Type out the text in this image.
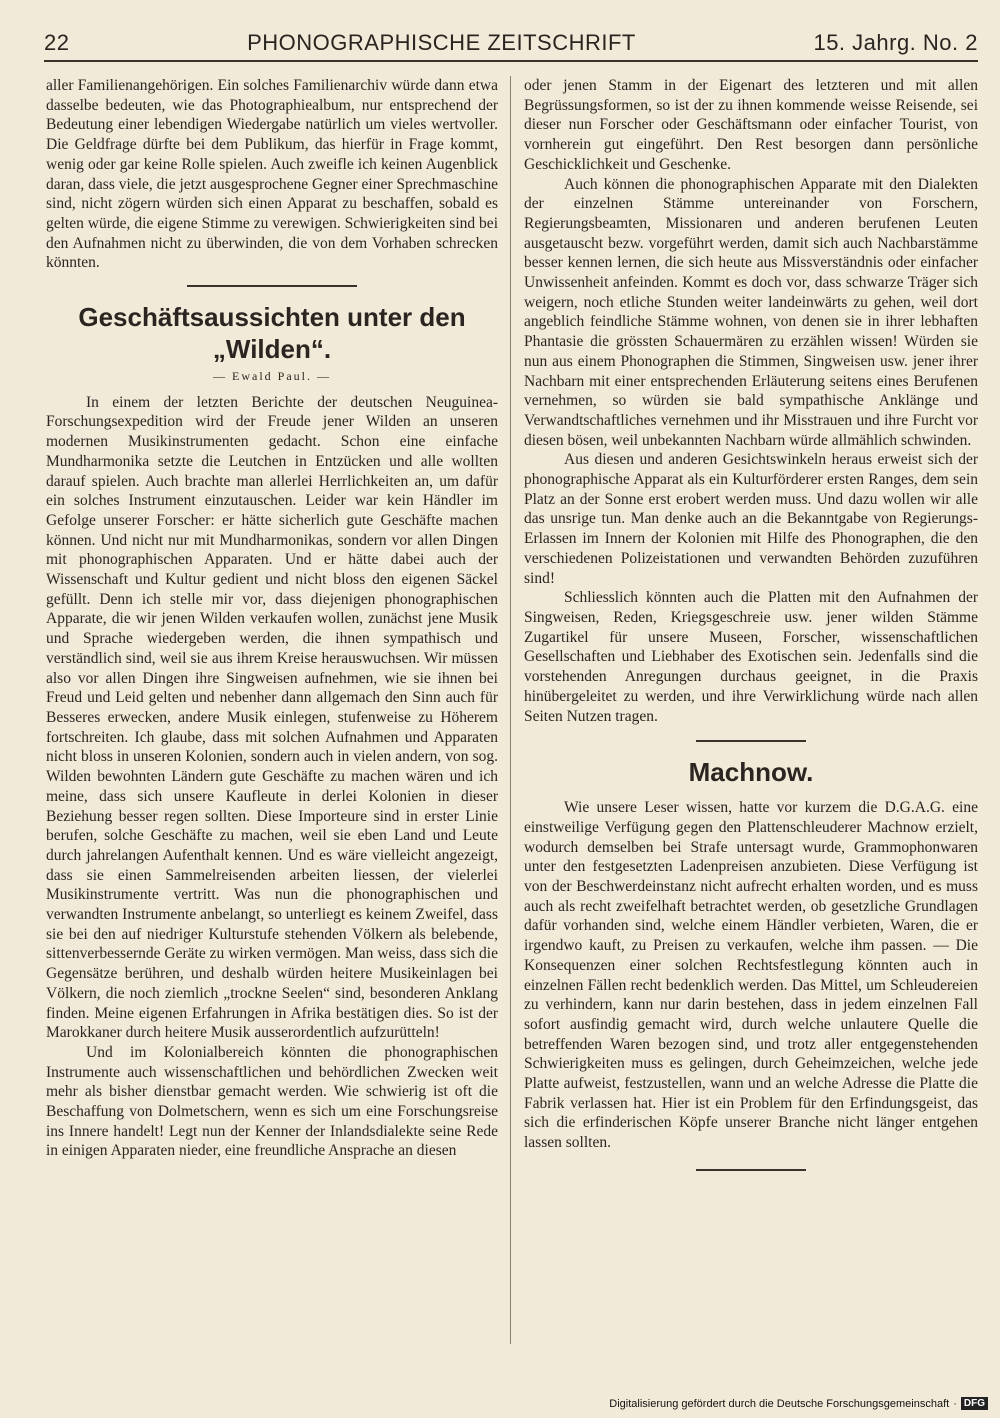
22	PHONOGRAPHISCHE ZEITSCHRIFT	15. Jahrg. No. 2

aller Familienangehörigen. Ein solches Familienarchiv würde dann etwa dasselbe bedeuten, wie das Photographiealbum, nur entsprechend der Bedeutung einer lebendigen Wiedergabe natürlich um vieles wertvoller. Die Geldfrage dürfte bei dem Publikum, das hierfür in Frage kommt, wenig oder gar keine Rolle spielen. Auch zweifle ich keinen Augenblick daran, dass viele, die jetzt ausgesprochene Gegner einer Sprechmaschine sind, nicht zögern würden sich einen Apparat zu beschaffen, sobald es gelten würde, die eigene Stimme zu verewigen. Schwierigkeiten sind bei den Aufnahmen nicht zu überwinden, die von dem Vorhaben schrecken könnten.

Geschäftsaussichten unter den

„Wilden“.

— Ewald Paul. —

In einem der letzten Berichte der deutschen Neuguinea-Forschungsexpedition wird der Freude jener Wilden an unseren modernen Musikinstrumenten gedacht. Schon eine einfache Mundharmonika setzte die Leutchen in Entzücken und alle wollten darauf spielen. Auch brachte man allerlei Herrlichkeiten an, um dafür ein solches Instrument einzutauschen. Leider war kein Händler im Gefolge unserer Forscher: er hätte sicherlich gute Geschäfte machen können. Und nicht nur mit Mundharmonikas, sondern vor allen Dingen mit phonographischen Apparaten. Und er hätte dabei auch der Wissenschaft und Kultur gedient und nicht bloss den eigenen Säckel gefüllt. Denn ich stelle mir vor, dass diejenigen phonographischen Apparate, die wir jenen Wilden verkaufen wollen, zunächst jene Musik und Sprache wiedergeben werden, die ihnen sympathisch und verständlich sind, weil sie aus ihrem Kreise herauswuchsen. Wir müssen also vor allen Dingen ihre Singweisen aufnehmen, wie sie ihnen bei Freud und Leid gelten und nebenher dann allgemach den Sinn auch für Besseres erwecken, andere Musik einlegen, stufenweise zu Höherem fortschreiten. Ich glaube, dass mit solchen Aufnahmen und Apparaten nicht bloss in unseren Kolonien, sondern auch in vielen andern, von sog. Wilden bewohnten Ländern gute Geschäfte zu machen wären und ich meine, dass sich unsere Kaufleute in derlei Kolonien in dieser Beziehung besser regen sollten. Diese Importeure sind in erster Linie berufen, solche Geschäfte zu machen, weil sie eben Land und Leute durch jahrelangen Aufenthalt kennen. Und es wäre vielleicht angezeigt, dass sie einen Sammelreisenden arbeiten liessen, der vielerlei Musikinstrumente vertritt. Was nun die phonographischen und verwandten Instrumente anbelangt, so unterliegt es keinem Zweifel, dass sie bei den auf niedriger Kulturstufe stehenden Völkern als belebende, sittenverbessernde Geräte zu wirken vermögen. Man weiss, dass sich die Gegensätze berühren, und deshalb würden heitere Musikeinlagen bei Völkern, die noch ziemlich „trockne Seelen“ sind, besonderen Anklang finden. Meine eigenen Erfahrungen in Afrika bestätigen dies. So ist der Marokkaner durch heitere Musik ausserordentlich aufzurütteln!

Und im Kolonialbereich könnten die phonographischen Instrumente auch wissenschaftlichen und behördlichen Zwecken weit mehr als bisher dienstbar gemacht werden. Wie schwierig ist oft die Beschaffung von Dolmetschern, wenn es sich um eine Forschungsreise ins Innere handelt! Legt nun der Kenner der Inlandsdialekte seine Rede in einigen Apparaten nieder, eine freundliche Ansprache an diesen

oder jenen Stamm in der Eigenart des letzteren und mit allen Begrüssungsformen, so ist der zu ihnen kommende weisse Reisende, sei dieser nun Forscher oder Geschäftsmann oder einfacher Tourist, von vornherein gut eingeführt. Den Rest besorgen dann persönliche Geschicklichkeit und Geschenke.

Auch können die phonographischen Apparate mit den Dialekten der einzelnen Stämme untereinander von Forschern, Regierungsbeamten, Missionaren und anderen berufenen Leuten ausgetauscht bezw. vorgeführt werden, damit sich auch Nachbarstämme besser kennen lernen, die sich heute aus Missverständnis oder einfacher Unwissenheit anfeinden. Kommt es doch vor, dass schwarze Träger sich weigern, noch etliche Stunden weiter landeinwärts zu gehen, weil dort angeblich feindliche Stämme wohnen, von denen sie in ihrer lebhaften Phantasie die grössten Schauermären zu erzählen wissen! Würden sie nun aus einem Phonographen die Stimmen, Singweisen usw. jener ihrer Nachbarn mit einer entsprechenden Erläuterung seitens eines Berufenen vernehmen, so würden sie bald sympathische Anklänge und Verwandtschaftliches vernehmen und ihr Misstrauen und ihre Furcht vor diesen bösen, weil unbekannten Nachbarn würde allmählich schwinden.

Aus diesen und anderen Gesichtswinkeln heraus erweist sich der phonographische Apparat als ein Kulturförderer ersten Ranges, dem sein Platz an der Sonne erst erobert werden muss. Und dazu wollen wir alle das unsrige tun. Man denke auch an die Bekanntgabe von Regierungs-Erlassen im Innern der Kolonien mit Hilfe des Phonographen, die den verschiedenen Polizeistationen und verwandten Behörden zuzuführen sind!

Schliesslich könnten auch die Platten mit den Aufnahmen der Singweisen, Reden, Kriegsgeschreie usw. jener wilden Stämme Zugartikel für unsere Museen, Forscher, wissenschaftlichen Gesellschaften und Liebhaber des Exotischen sein. Jedenfalls sind die vorstehenden Anregungen durchaus geeignet, in die Praxis hinübergeleitet zu werden, und ihre Verwirklichung würde nach allen Seiten Nutzen tragen.

Machnow.

Wie unsere Leser wissen, hatte vor kurzem die D.G.A.G. eine einstweilige Verfügung gegen den Plattenschleuderer Machnow erzielt, wodurch demselben bei Strafe untersagt wurde, Grammophonwaren unter den festgesetzten Ladenpreisen anzubieten. Diese Verfügung ist von der Beschwerdeinstanz nicht aufrecht erhalten worden, und es muss auch als recht zweifelhaft betrachtet werden, ob gesetzliche Grundlagen dafür vorhanden sind, welche einem Händler verbieten, Waren, die er irgendwo kauft, zu Preisen zu verkaufen, welche ihm passen. — Die Konsequenzen einer solchen Rechtsfestlegung könnten auch in einzelnen Fällen recht bedenklich werden. Das Mittel, um Schleudereien zu verhindern, kann nur darin bestehen, dass in jedem einzelnen Fall sofort ausfindig gemacht wird, durch welche unlautere Quelle die betreffenden Waren bezogen sind, und trotz aller entgegenstehenden Schwierigkeiten muss es gelingen, durch Geheimzeichen, welche jede Platte aufweist, festzustellen, wann und an welche Adresse die Platte die Fabrik verlassen hat. Hier ist ein Problem für den Erfindungsgeist, das sich die erfinderischen Köpfe unserer Branche nicht länger entgehen lassen sollten.

Digitalisierung gefördert durch die Deutsche Forschungsgemeinschaft · DFG
